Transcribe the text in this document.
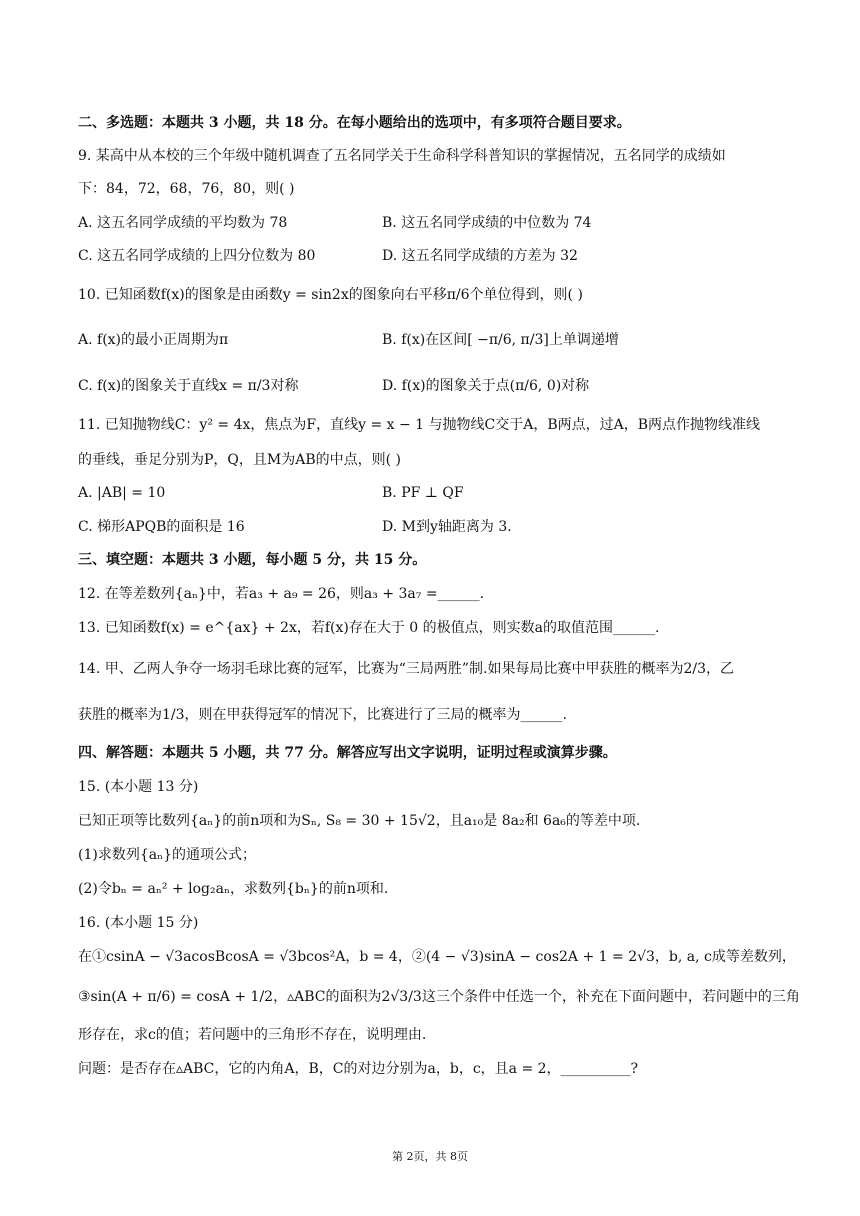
二、多选题：本题共 3 小题，共 18 分。在每小题给出的选项中，有多项符合题目要求。
9. 某高中从本校的三个年级中随机调查了五名同学关于生命科学科普知识的掌握情况，五名同学的成绩如
下：84，72，68，76，80，则( )
A. 这五名同学成绩的平均数为 78	B. 这五名同学成绩的中位数为 74
C. 这五名同学成绩的上四分位数为 80	D. 这五名同学成绩的方差为 32
10. 已知函数f(x)的图象是由函数y = sin2x的图象向右平移π/6个单位得到，则( )
A. f(x)的最小正周期为π	B. f(x)在区间[ −π/6, π/3]上单调递增
C. f(x)的图象关于直线x = π/3对称	D. f(x)的图象关于点(π/6, 0)对称
11. 已知抛物线C：y² = 4x，焦点为F，直线y = x − 1 与抛物线C交于A，B两点，过A，B两点作抛物线准线
的垂线，垂足分别为P，Q，且M为AB的中点，则( )
A. |AB| = 10	B. PF ⊥ QF
C. 梯形APQB的面积是 16	D. M到y轴距离为 3.
三、填空题：本题共 3 小题，每小题 5 分，共 15 分。
12. 在等差数列{aₙ}中，若a₃ + a₉ = 26，则a₃ + 3a₇ =______.
13. 已知函数f(x) = e^{ax} + 2x，若f(x)存在大于 0 的极值点，则实数a的取值范围______.
14. 甲、乙两人争夺一场羽毛球比赛的冠军，比赛为“三局两胜”制.如果每局比赛中甲获胜的概率为2/3，乙
获胜的概率为1/3，则在甲获得冠军的情况下，比赛进行了三局的概率为______.
四、解答题：本题共 5 小题，共 77 分。解答应写出文字说明，证明过程或演算步骤。
15. (本小题 13 分)
已知正项等比数列{aₙ}的前n项和为Sₙ, S₈ = 30 + 15√2，且a₁₀是 8a₂和 6a₆的等差中项.
(1)求数列{aₙ}的通项公式；
(2)令bₙ = aₙ² + log₂aₙ，求数列{bₙ}的前n项和.
16. (本小题 15 分)
在①csinA − √3acosBcosA = √3bcos²A，b = 4，②(4 − √3)sinA − cos2A + 1 = 2√3，b, a, c成等差数列，
③sin(A + π/6) = cosA + 1/2，▵ABC的面积为2√3/3这三个条件中任选一个，补充在下面问题中，若问题中的三角
形存在，求c的值；若问题中的三角形不存在，说明理由.
问题：是否存在▵ABC，它的内角A，B，C的对边分别为a，b，c，且a = 2，__________?
第 2页，共 8页
